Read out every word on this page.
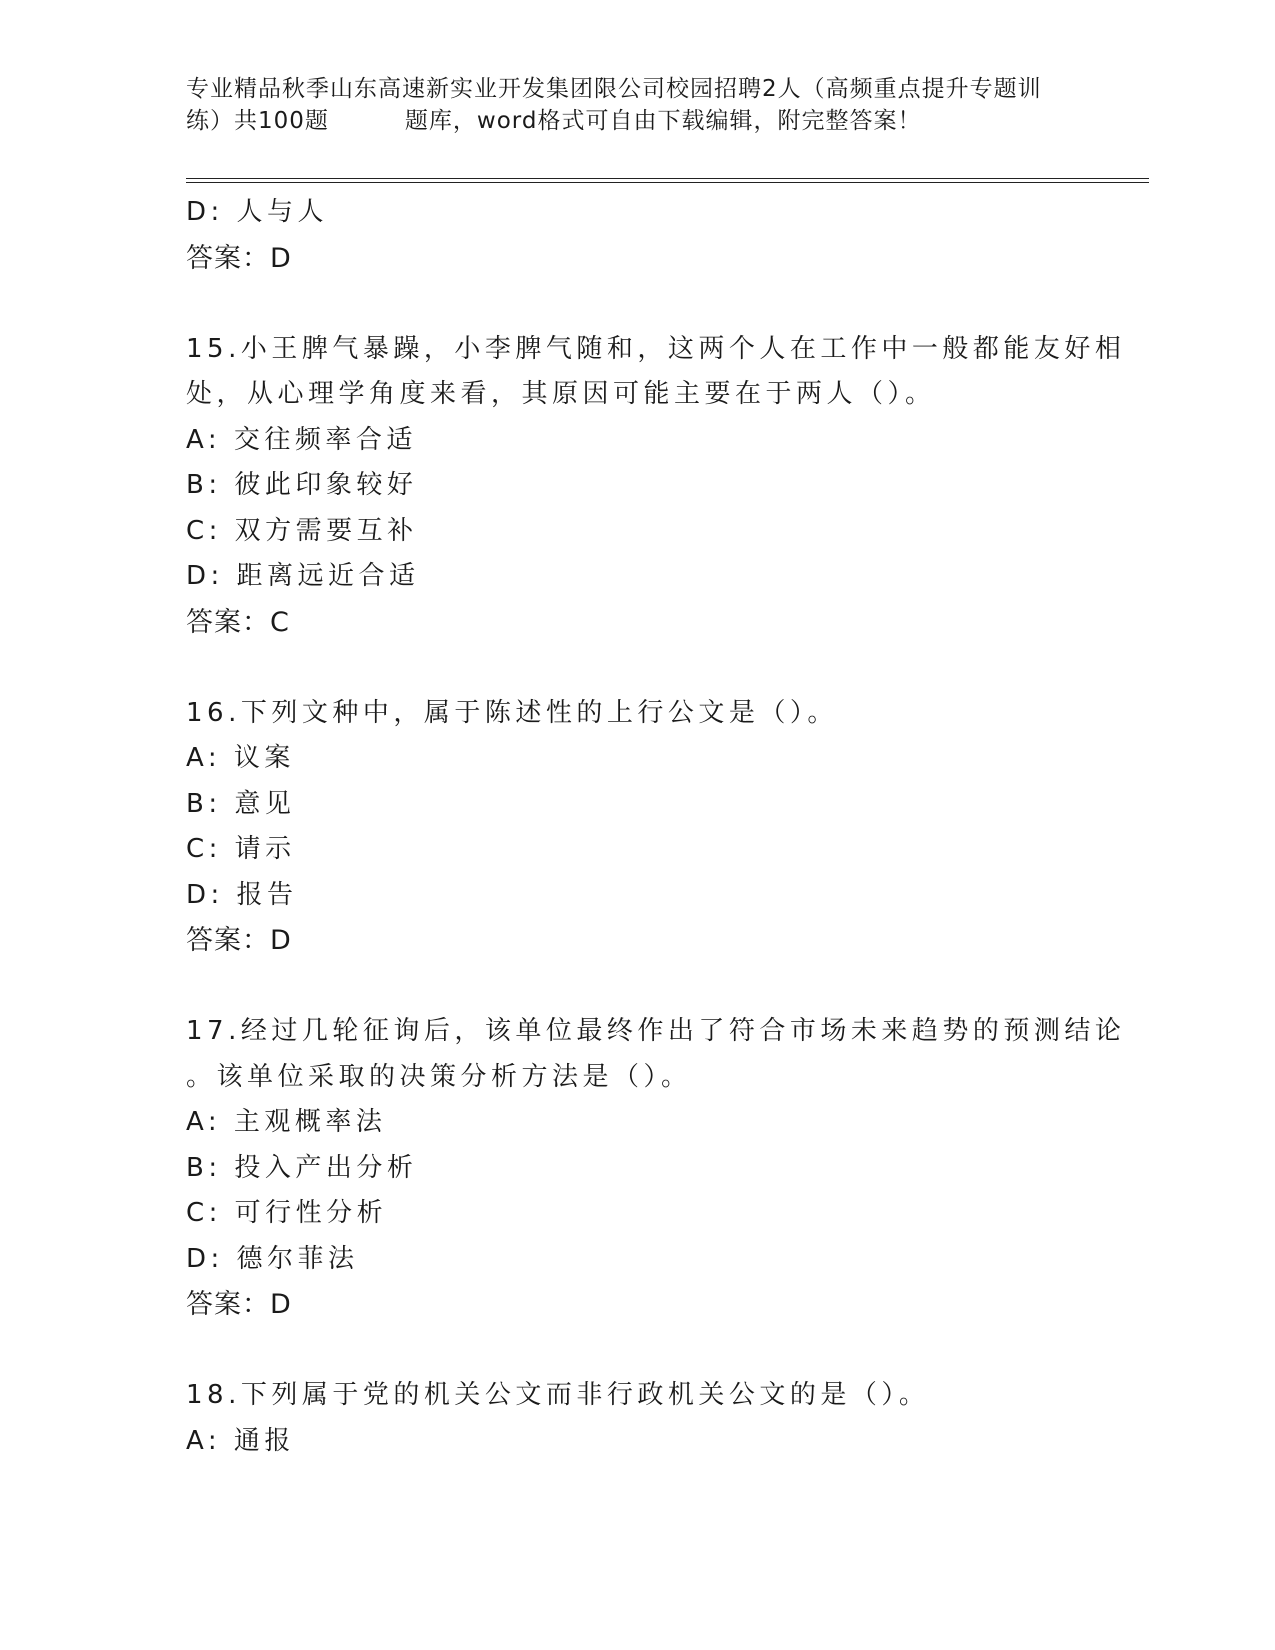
专业精品秋季山东高速新实业开发集团限公司校园招聘2人（高频重点提升专题训
练）共100题	题库，word格式可自由下载编辑，附完整答案！
D: 人与人
答案：D
15.小王脾气暴躁，小李脾气随和，这两个人在工作中一般都能友好相
处，从心理学角度来看，其原因可能主要在于两人（）。
A: 交往频率合适
B: 彼此印象较好
C: 双方需要互补
D: 距离远近合适
答案：C
16.下列文种中，属于陈述性的上行公文是（）。
A: 议案
B: 意见
C: 请示
D: 报告
答案：D
17.经过几轮征询后，该单位最终作出了符合市场未来趋势的预测结论
。该单位采取的决策分析方法是（）。
A: 主观概率法
B: 投入产出分析
C: 可行性分析
D: 德尔菲法
答案：D
18.下列属于党的机关公文而非行政机关公文的是（）。
A: 通报
